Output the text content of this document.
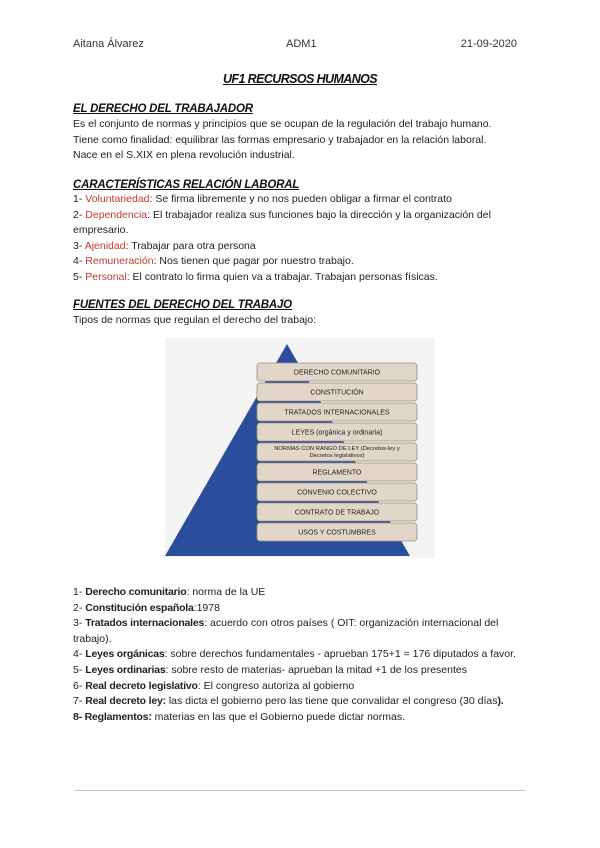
Aitana Álvarez	ADM1	21-09-2020
UF1 RECURSOS HUMANOS
EL DERECHO DEL TRABAJADOR

Es el conjunto de normas y principios que se ocupan de la regulación del trabajo humano.

Tiene como finalidad: equilibrar las formas empresario y trabajador en la relación laboral.

Nace en el S.XIX en plena revolución industrial.

CARACTERÍSTICAS RELACIÓN LABORAL

1- Voluntariedad: Se firma libremente y no nos pueden obligar a firmar el contrato

2- Dependencia: El trabajador realiza sus funciones bajo la dirección y la organización del empresario.

3- Ajenidad: Trabajar para otra persona

4- Remuneración: Nos tienen que pagar por nuestro trabajo.

5- Personal: El contrato lo firma quien va a trabajar. Trabajan personas físicas.

FUENTES DEL DERECHO DEL TRABAJO
Tipos de normas que regulan el derecho del trabajo:
DERECHO COMUNITARIO
CONSTITUCIÓN
TRATADOS INTERNACIONALES
LEYES (orgánica y ordinaria)
NORMAS CON RANGO DE LEY (Decretos-ley y
Decretos legislativos)
REGLAMENTO
CONVENIO COLECTIVO
CONTRATO DE TRABAJO
USOS Y COSTUMBRES

1- Derecho comunitario: norma de la UE

2- Constitución española:1978

3- Tratados internacionales: acuerdo con otros países ( OIT: organización internacional del trabajo).

4- Leyes orgánicas: sobre derechos fundamentales - aprueban 175+1 = 176 diputados a favor.

5- Leyes ordinarias: sobre resto de materias- aprueban la mitad +1 de los presentes

6- Real decreto legislativo: El congreso autoriza al gobierno

7- Real decreto ley: las dicta el gobierno pero las tiene que convalidar el congreso (30 días).

8- Reglamentos: materias en las que el Gobierno puede dictar normas.
